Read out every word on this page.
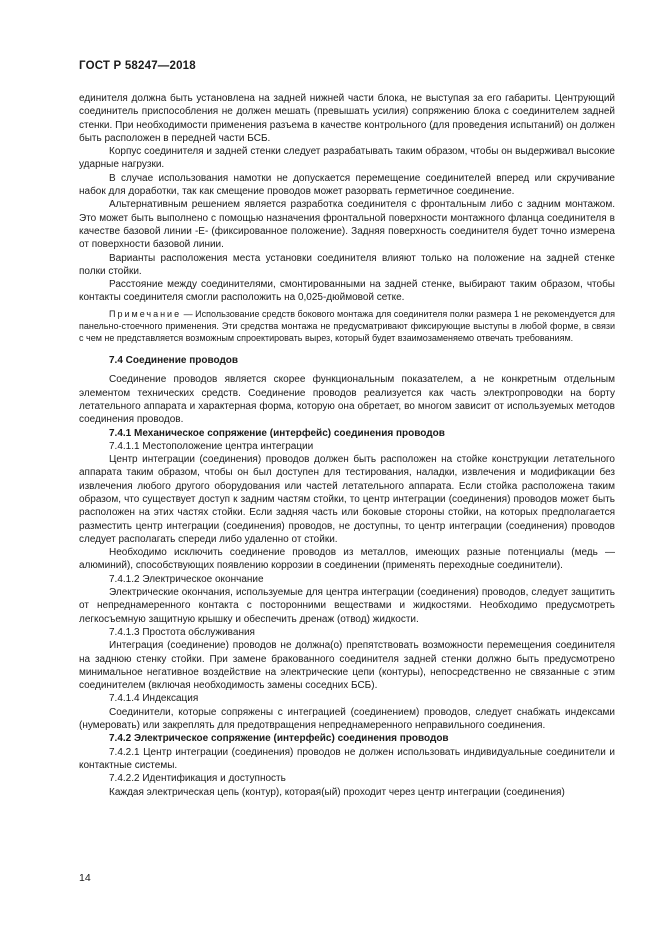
ГОСТ Р 58247—2018

единителя должна быть установлена на задней нижней части блока, не выступая за его габариты. Центрующий соединитель приспособления не должен мешать (превышать усилия) сопряжению блока с соединителем задней стенки. При необходимости применения разъема в качестве контрольного (для проведения испытаний) он должен быть расположен в передней части БСБ.

Корпус соединителя и задней стенки следует разрабатывать таким образом, чтобы он выдерживал высокие ударные нагрузки.

В случае использования намотки не допускается перемещение соединителей вперед или скручивание набок для доработки, так как смещение проводов может разорвать герметичное соединение.

Альтернативным решением является разработка соединителя с фронтальным либо с задним монтажом. Это может быть выполнено с помощью назначения фронтальной поверхности монтажного фланца соединителя в качестве базовой линии -Е- (фиксированное положение). Задняя поверхность соединителя будет точно измерена от поверхности базовой линии.

Варианты расположения места установки соединителя влияют только на положение на задней стенке полки стойки.

Расстояние между соединителями, смонтированными на задней стенке, выбирают таким образом, чтобы контакты соединителя смогли расположить на 0,025-дюймовой сетке.

Примечание — Использование средств бокового монтажа для соединителя полки размера 1 не рекомендуется для панельно-стоечного применения. Эти средства монтажа не предусматривают фиксирующие выступы в любой форме, в связи с чем не представляется возможным спроектировать вырез, который будет взаимозаменяемо отвечать требованиям.

7.4 Соединение проводов

Соединение проводов является скорее функциональным показателем, а не конкретным отдельным элементом технических средств. Соединение проводов реализуется как часть электропроводки на борту летательного аппарата и характерная форма, которую она обретает, во многом зависит от используемых методов соединения проводов.

7.4.1 Механическое сопряжение (интерфейс) соединения проводов

7.4.1.1 Местоположение центра интеграции

Центр интеграции (соединения) проводов должен быть расположен на стойке конструкции летательного аппарата таким образом, чтобы он был доступен для тестирования, наладки, извлечения и модификации без извлечения любого другого оборудования или частей летательного аппарата. Если стойка расположена таким образом, что существует доступ к задним частям стойки, то центр интеграции (соединения) проводов может быть расположен на этих частях стойки. Если задняя часть или боковые стороны стойки, на которых предполагается разместить центр интеграции (соединения) проводов, не доступны, то центр интеграции (соединения) проводов следует располагать спереди либо удаленно от стойки.

Необходимо исключить соединение проводов из металлов, имеющих разные потенциалы (медь — алюминий), способствующих появлению коррозии в соединении (применять переходные соединители).

7.4.1.2 Электрическое окончание

Электрические окончания, используемые для центра интеграции (соединения) проводов, следует защитить от непреднамеренного контакта с посторонними веществами и жидкостями. Необходимо предусмотреть легкосъемную защитную крышку и обеспечить дренаж (отвод) жидкости.

7.4.1.3 Простота обслуживания

Интеграция (соединение) проводов не должна(о) препятствовать возможности перемещения соединителя на заднюю стенку стойки. При замене бракованного соединителя задней стенки должно быть предусмотрено минимальное негативное воздействие на электрические цепи (контуры), непосредственно не связанные с этим соединителем (включая необходимость замены соседних БСБ).

7.4.1.4 Индексация

Соединители, которые сопряжены с интеграцией (соединением) проводов, следует снабжать индексами (нумеровать) или закреплять для предотвращения непреднамеренного неправильного соединения.

7.4.2 Электрическое сопряжение (интерфейс) соединения проводов

7.4.2.1 Центр интеграции (соединения) проводов не должен использовать индивидуальные соединители и контактные системы.

7.4.2.2 Идентификация и доступность

Каждая электрическая цепь (контур), которая(ый) проходит через центр интеграции (соединения)

14
